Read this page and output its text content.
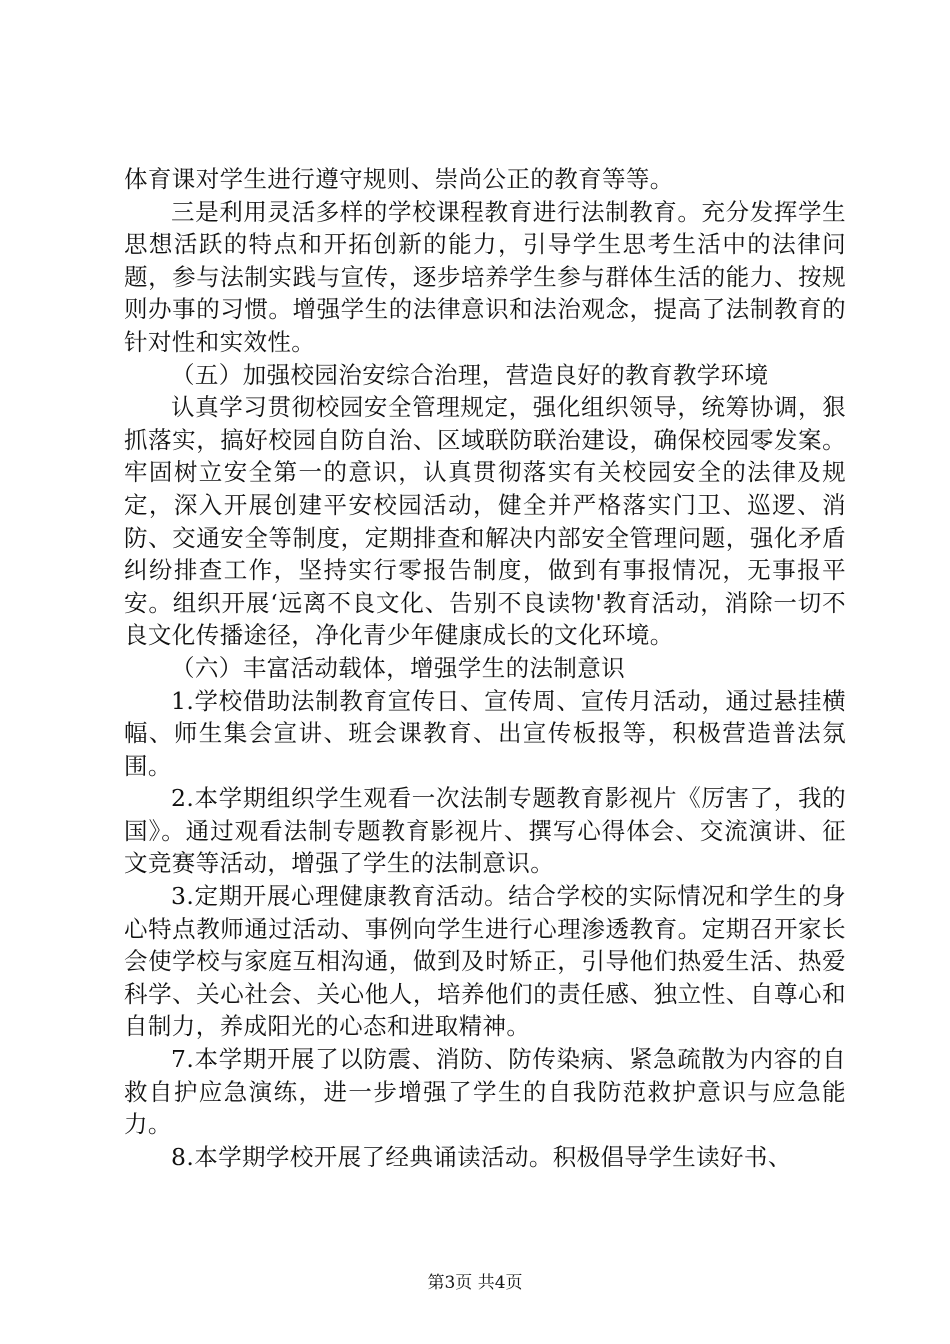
体育课对学生进行遵守规则、崇尚公正的教育等等。

三是利用灵活多样的学校课程教育进行法制教育。充分发挥学生思想活跃的特点和开拓创新的能力，引导学生思考生活中的法律问题，参与法制实践与宣传，逐步培养学生参与群体生活的能力、按规则办事的习惯。增强学生的法律意识和法治观念，提高了法制教育的针对性和实效性。

（五）加强校园治安综合治理，营造良好的教育教学环境

认真学习贯彻校园安全管理规定，强化组织领导，统筹协调，狠抓落实，搞好校园自防自治、区域联防联治建设，确保校园零发案。牢固树立安全第一的意识，认真贯彻落实有关校园安全的法律及规定，深入开展创建平安校园活动，健全并严格落实门卫、巡逻、消防、交通安全等制度，定期排查和解决内部安全管理问题，强化矛盾纠纷排查工作，坚持实行零报告制度，做到有事报情况，无事报平安。组织开展‘远离不良文化、告别不良读物'教育活动，消除一切不良文化传播途径，净化青少年健康成长的文化环境。

（六）丰富活动载体，增强学生的法制意识

1.学校借助法制教育宣传日、宣传周、宣传月活动，通过悬挂横幅、师生集会宣讲、班会课教育、出宣传板报等，积极营造普法氛围。

2.本学期组织学生观看一次法制专题教育影视片《厉害了，我的国》。通过观看法制专题教育影视片、撰写心得体会、交流演讲、征文竞赛等活动，增强了学生的法制意识。

3.定期开展心理健康教育活动。结合学校的实际情况和学生的身心特点教师通过活动、事例向学生进行心理渗透教育。定期召开家长会使学校与家庭互相沟通，做到及时矫正，引导他们热爱生活、热爱科学、关心社会、关心他人，培养他们的责任感、独立性、自尊心和自制力，养成阳光的心态和进取精神。

7.本学期开展了以防震、消防、防传染病、紧急疏散为内容的自救自护应急演练，进一步增强了学生的自我防范救护意识与应急能力。

8.本学期学校开展了经典诵读活动。积极倡导学生读好书、

第3页 共4页
